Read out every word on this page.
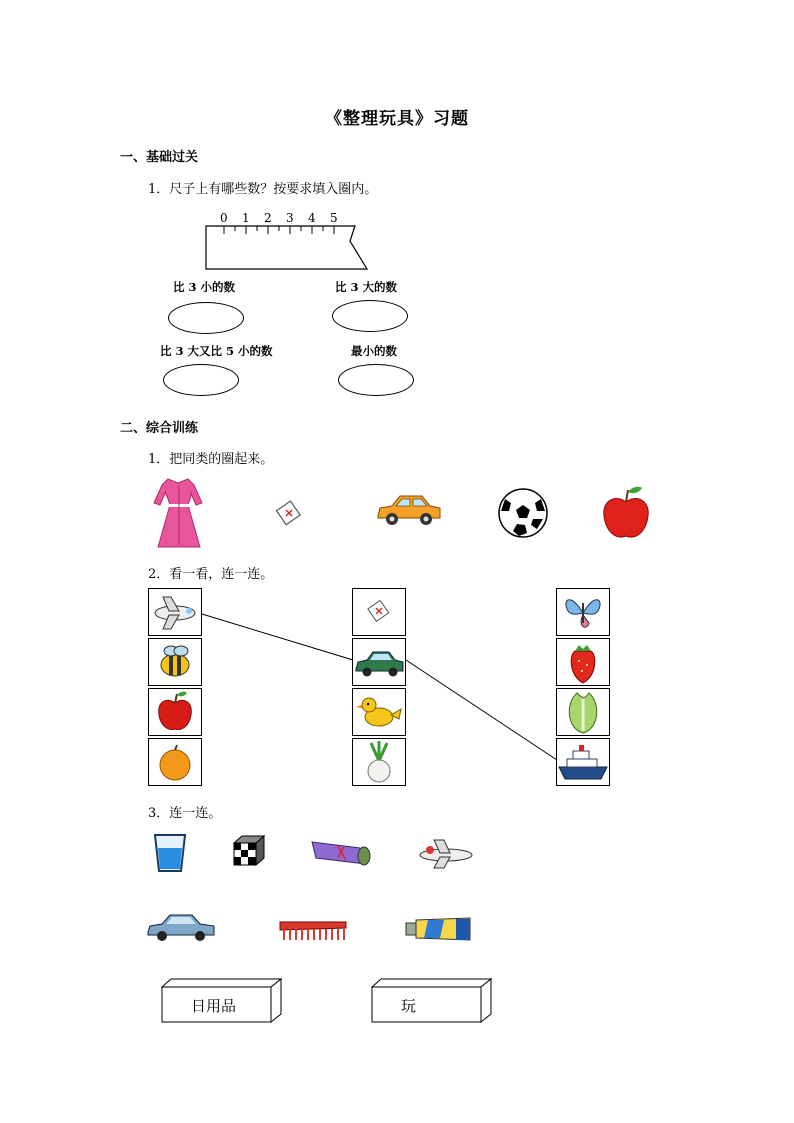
《整理玩具》习题
一、基础过关
1．尺子上有哪些数？按要求填入圈内。
0 1 2 3 4 5
比 3 小的数	比 3 大的数
比 3 大又比 5 小的数	最小的数
二、综合训练
1．把同类的圈起来。
2．看一看，连一连。
3．连一连。
日用品	玩
